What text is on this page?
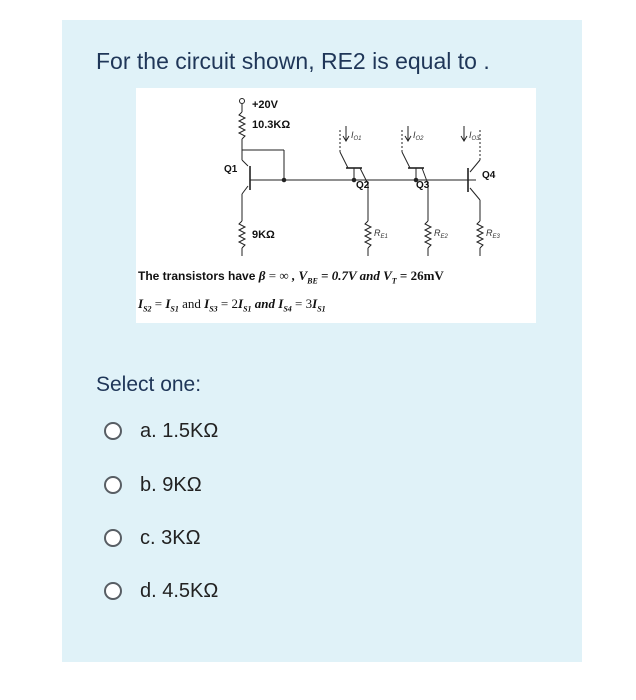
For the circuit shown, RE2 is equal to .
+20V
10.3KΩ
Q1
Q2	Q3
Q4
9KΩ
$I_{O1}$	$I_{O2}$	$I_{O3}$
$R_{E1}$	$R_{E2}$	$R_{E3}$
The transistors have β = ∞ , $V_{BE} = 0.7V$ and $V_T = 26mV$
$I_{S2} = I_{S1}$ and $I_{S3} = 2I_{S1}$ and $I_{S4} = 3I_{S1}$
Select one:
a. 1.5KΩ
b. 9KΩ
c. 3KΩ
d. 4.5KΩ
